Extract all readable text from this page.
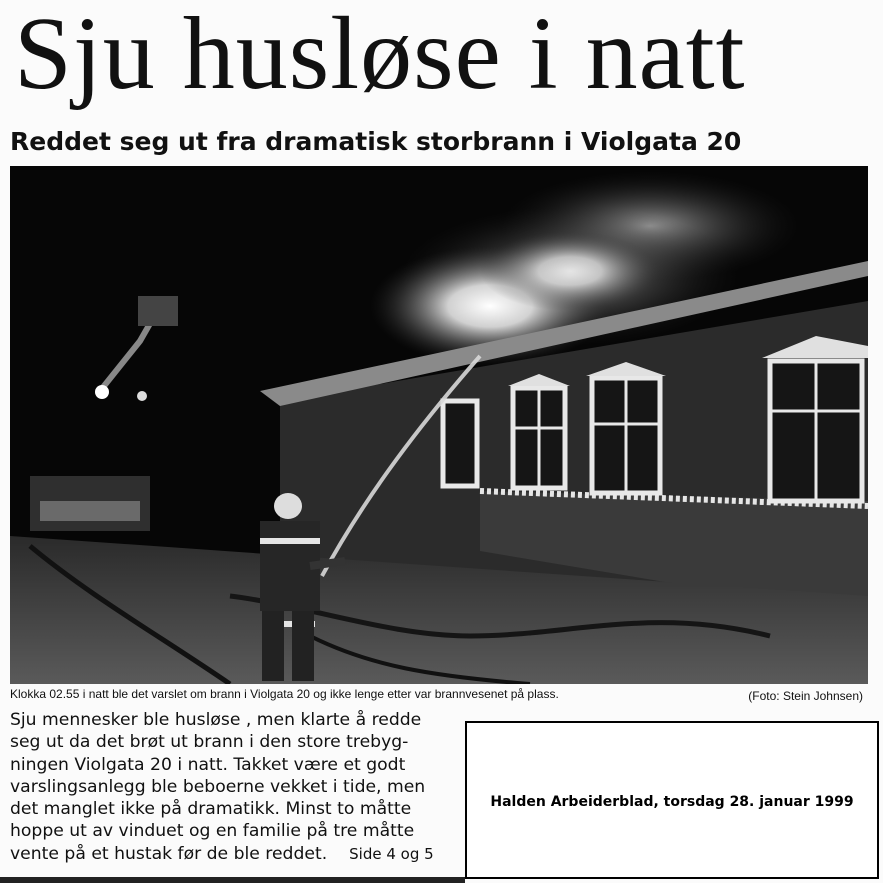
Sju husløse i natt
Reddet seg ut fra dramatisk storbrann i Violgata 20
Klokka 02.55 i natt ble det varslet om brann i Violgata 20 og ikke lenge etter var brannvesenet på plass.	(Foto: Stein Johnsen)
Sju mennesker ble husløse , men klarte å redde
seg ut da det brøt ut brann i den store trebyg-
ningen Violgata 20 i natt. Takket være et godt
varslingsanlegg ble beboerne vekket i tide, men
det manglet ikke på dramatikk. Minst to måtte
hoppe ut av vinduet og en familie på tre måtte
vente på et hustak før de ble reddet. Side 4 og 5
Halden Arbeiderblad, torsdag 28. januar 1999
